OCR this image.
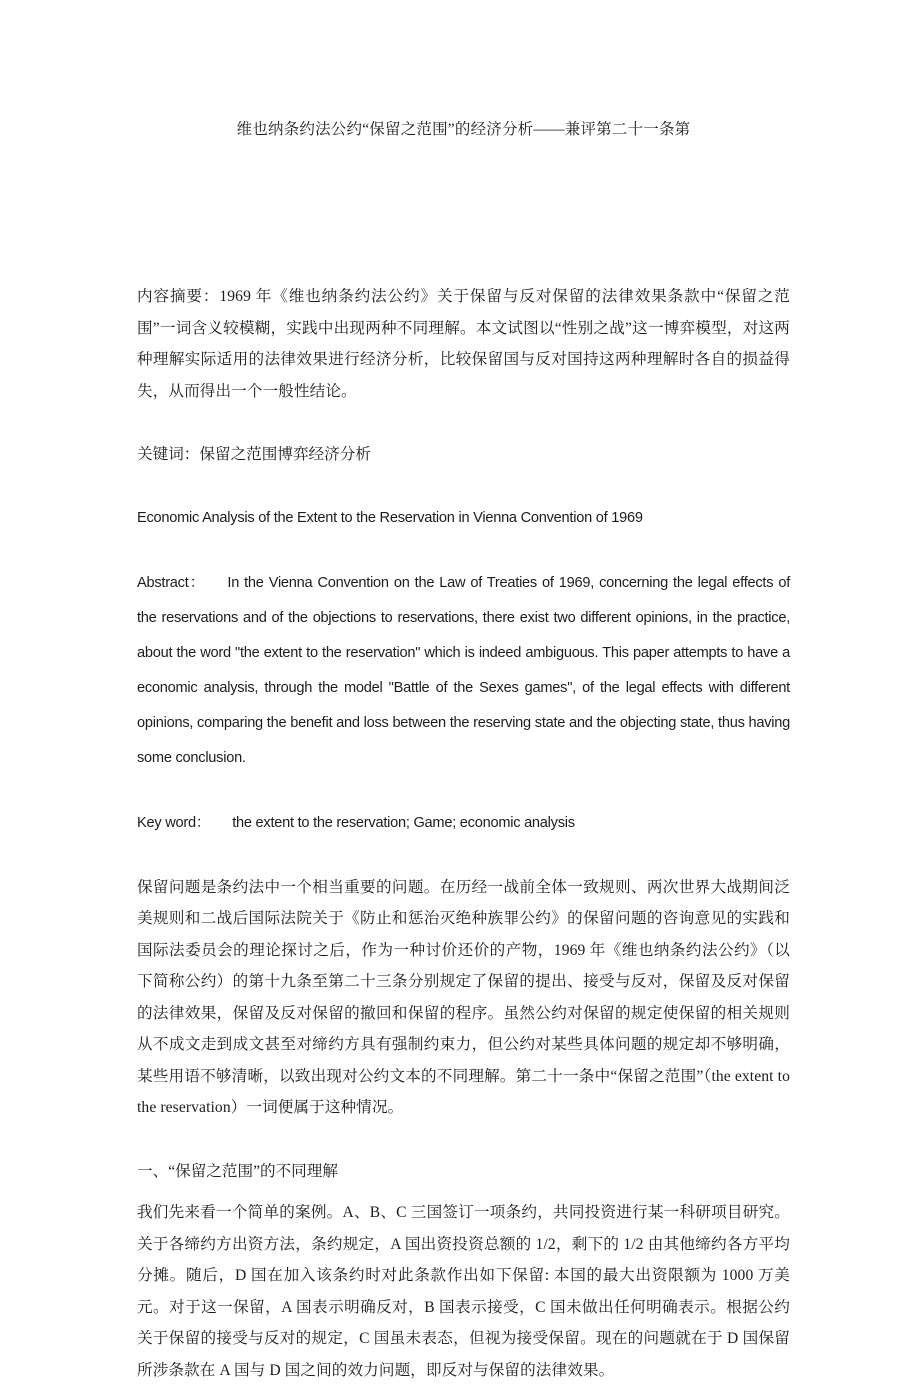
维也纳条约法公约“保留之范围”的经济分析——兼评第二十一条第

内容摘要：1969 年《维也纳条约法公约》关于保留与反对保留的法律效果条款中“保留之范围”一词含义较模糊，实践中出现两种不同理解。本文试图以“性别之战”这一博弈模型，对这两种理解实际适用的法律效果进行经济分析，比较保留国与反对国持这两种理解时各自的损益得失，从而得出一个一般性结论。

关键词：保留之范围博弈经济分析

Economic Analysis of the Extent to the Reservation in Vienna Convention of 1969

Abstract： In the Vienna Convention on the Law of Treaties of 1969, concerning the legal effects of the reservations and of the objections to reservations, there exist two different opinions, in the practice, about the word "the extent to the reservation" which is indeed ambiguous. This paper attempts to have a economic analysis, through the model "Battle of the Sexes games", of the legal effects with different opinions, comparing the benefit and loss between the reserving state and the objecting state, thus having some conclusion.

Key word： the extent to the reservation; Game; economic analysis

保留问题是条约法中一个相当重要的问题。在历经一战前全体一致规则、两次世界大战期间泛美规则和二战后国际法院关于《防止和惩治灭绝种族罪公约》的保留问题的咨询意见的实践和国际法委员会的理论探讨之后，作为一种讨价还价的产物，1969 年《维也纳条约法公约》（以下简称公约）的第十九条至第二十三条分别规定了保留的提出、接受与反对，保留及反对保留的法律效果，保留及反对保留的撤回和保留的程序。虽然公约对保留的规定使保留的相关规则从不成文走到成文甚至对缔约方具有强制约束力，但公约对某些具体问题的规定却不够明确，某些用语不够清晰，以致出现对公约文本的不同理解。第二十一条中“保留之范围”（the extent to the reservation）一词便属于这种情况。

一、“保留之范围”的不同理解

我们先来看一个简单的案例。A、B、C 三国签订一项条约，共同投资进行某一科研项目研究。关于各缔约方出资方法，条约规定，A 国出资投资总额的 1/2，剩下的 1/2 由其他缔约各方平均分摊。随后，D 国在加入该条约时对此条款作出如下保留: 本国的最大出资限额为 1000 万美元。对于这一保留，A 国表示明确反对，B 国表示接受，C 国未做出任何明确表示。根据公约关于保留的接受与反对的规定，C 国虽未表态，但视为接受保留。现在的问题就在于 D 国保留所涉条款在 A 国与 D 国之间的效力问题，即反对与保留的法律效果。
